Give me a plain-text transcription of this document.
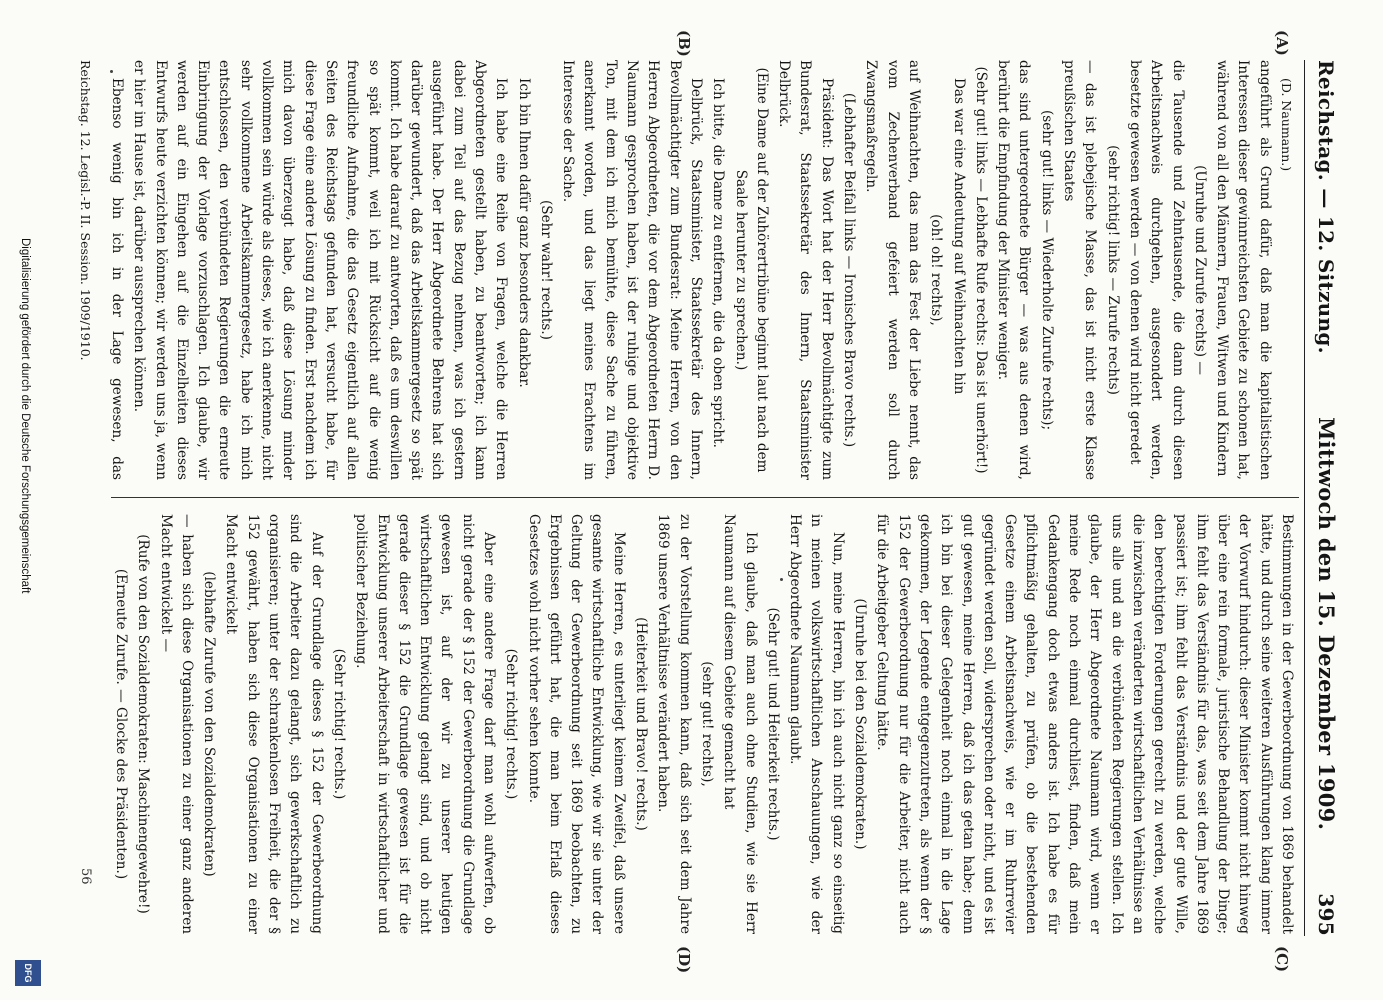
Reichstag. — 12. Sitzung.
Mittwoch den 15. Dezember 1909.
395
(A)
(B)
(C)
(D)

(D. Naumann.)

angeführt als Grund dafür, daß man die kapitalistischen Interessen dieser gewinnreichsten Gebiete zu schonen hat, während von all den Männern, Frauen, Witwen und Kindern

(Unruhe und Zurufe rechts) —

die Tausende und Zehntausende, die dann durch diesen Arbeitsnachweis durchgehen, ausgesondert werden, besetzte gewesen werden — von denen wird nicht geredet

(sehr richtig! links — Zurufe rechts)

— das ist plebejische Masse, das ist nicht erste Klasse preußischen Staates

(sehr gut! links — Wiederholte Zurufe rechts);

das sind untergeordnete Bürger — was aus denen wird, berührt die Empfindung der Minister weniger.

(Sehr gut! links — Lebhafte Rufe rechts: Das ist unerhört!)

Das war eine Andeutung auf Weihnachten hin

(oh! oh! rechts),

auf Weihnachten, das man das Fest der Liebe nennt, das vom Zechenverband gefeiert werden soll durch Zwangsmaßregeln.

(Lebhafter Beifall links — Ironisches Bravo rechts.)

Präsident: Das Wort hat der Herr Bevollmächtigte zum Bundesrat, Staatssekretär des Innern, Staatsminister Delbrück.

(Eine Dame auf der Zuhörertribüne beginnt laut nach dem Saale herunter zu sprechen.)

Ich bitte, die Dame zu entfernen, die da oben spricht.

Delbrück, Staatsminister, Staatssekretär des Innern, Bevollmächtigter zum Bundesrat: Meine Herren, von den Herren Abgeordneten, die vor dem Abgeordneten Herrn D. Naumann gesprochen haben, ist der ruhige und objektive Ton, mit dem ich mich bemühte, diese Sache zu führen, anerkannt worden, und das liegt meines Erachtens im Interesse der Sache.

(Sehr wahr! rechts.)

Ich bin Ihnen dafür ganz besonders dankbar.

Ich habe eine Reihe von Fragen, welche die Herren Abgeordneten gestellt haben, zu beantworten; ich kann dabei zum Teil auf das Bezug nehmen, was ich gestern ausgeführt habe. Der Herr Abgeordnete Behrens hat sich darüber gewundert, daß das Arbeitskammergesetz so spät kommt. Ich habe darauf zu antworten, daß es um deswillen so spät kommt, weil ich mit Rücksicht auf die wenig freundliche Aufnahme, die das Gesetz eigentlich auf allen Seiten des Reichstags gefunden hat, versucht habe, für diese Frage eine andere Lösung zu finden. Erst nachdem ich mich davon überzeugt habe, daß diese Lösung minder vollkommen sein würde als dieses, wie ich anerkenne, nicht sehr vollkommene Arbeitskammergesetz, habe ich mich entschlossen, den verbündeten Regierungen die erneute Einbringung der Vorlage vorzuschlagen. Ich glaube, wir werden auf ein Eingehen auf die Einzelheiten dieses Entwurfs heute verzichten können; wir werden uns ja, wenn er hier im Hause ist, darüber aussprechen können.

Ebenso wenig bin ich in der Lage gewesen, das

Bestimmungen in der Gewerbeordnung von 1869 behandelt hätte, und durch seine weiteren Ausführungen klang immer der Vorwurf hindurch: dieser Minister kommt nicht hinweg über eine rein formale, juristische Behandlung der Dinge; ihm fehlt das Verständnis für das, was seit dem Jahre 1869 passiert ist; ihm fehlt das Verständnis und der gute Wille, den berechtigten Forderungen gerecht zu werden, welche die inzwischen veränderten wirtschaftlichen Verhältnisse an uns alle und an die verbündeten Regierungen stellen. Ich glaube, der Herr Abgeordnete Naumann wird, wenn er meine Rede noch einmal durchliest, finden, daß mein Gedankengang doch etwas anders ist. Ich habe es für pflichtmäßig gehalten, zu prüfen, ob die bestehenden Gesetze einem Arbeitsnachweis, wie er im Ruhrrevier gegründet werden soll, widersprechen oder nicht, und es ist gut gewesen, meine Herren, daß ich das getan habe; denn ich bin bei dieser Gelegenheit noch einmal in die Lage gekommen, der Legende entgegenzutreten, als wenn der § 152 der Gewerbeordnung nur für die Arbeiter, nicht auch für die Arbeitgeber Geltung hätte.

(Unruhe bei den Sozialdemokraten.)

Nun, meine Herren, bin ich auch nicht ganz so einseitig in meinen volkswirtschaftlichen Anschauungen, wie der Herr Abgeordnete Naumann glaubt.

(Sehr gut! und Heiterkeit rechts.)

Ich glaube, daß man auch ohne Studien, wie sie Herr Naumann auf diesem Gebiete gemacht hat

(sehr gut! rechts),

zu der Vorstellung kommen kann, daß sich seit dem Jahre 1869 unsere Verhältnisse verändert haben.

(Heiterkeit und Bravo! rechts.)

Meine Herren, es unterliegt keinem Zweifel, daß unsere gesamte wirtschaftliche Entwicklung, wie wir sie unter der Geltung der Gewerbeordnung seit 1869 beobachten, zu Ergebnissen geführt hat, die man beim Erlaß dieses Gesetzes wohl nicht vorher sehen konnte.

(Sehr richtig! rechts.)

Aber eine andere Frage darf man wohl aufwerfen, ob nicht gerade der § 152 der Gewerbeordnung die Grundlage gewesen ist, auf der wir zu unserer heutigen wirtschaftlichen Entwicklung gelangt sind, und ob nicht gerade dieser § 152 die Grundlage gewesen ist für die Entwicklung unserer Arbeiterschaft in wirtschaftlicher und politischer Beziehung.

(Sehr richtig! rechts.)

Auf der Grundlage dieses § 152 der Gewerbeordnung sind die Arbeiter dazu gelangt, sich gewerkschaftlich zu organisieren; unter der schrankenlosen Freiheit, die der § 152 gewährt, haben sich diese Organisationen zu einer Macht entwickelt

(lebhafte Zurufe von den Sozialdemokraten)

— haben sich diese Organisationen zu einer ganz anderen Macht entwickelt —

(Rufe von den Sozialdemokraten: Maschinengewehre!)

(Erneute Zurufe. — Glocke des Präsidenten.)

Reichstag. 12. Legisl.-P. II. Session. 1909/1910.
56
Digitalisierung gefördert durch die Deutsche Forschungsgemeinschaft
DFG
